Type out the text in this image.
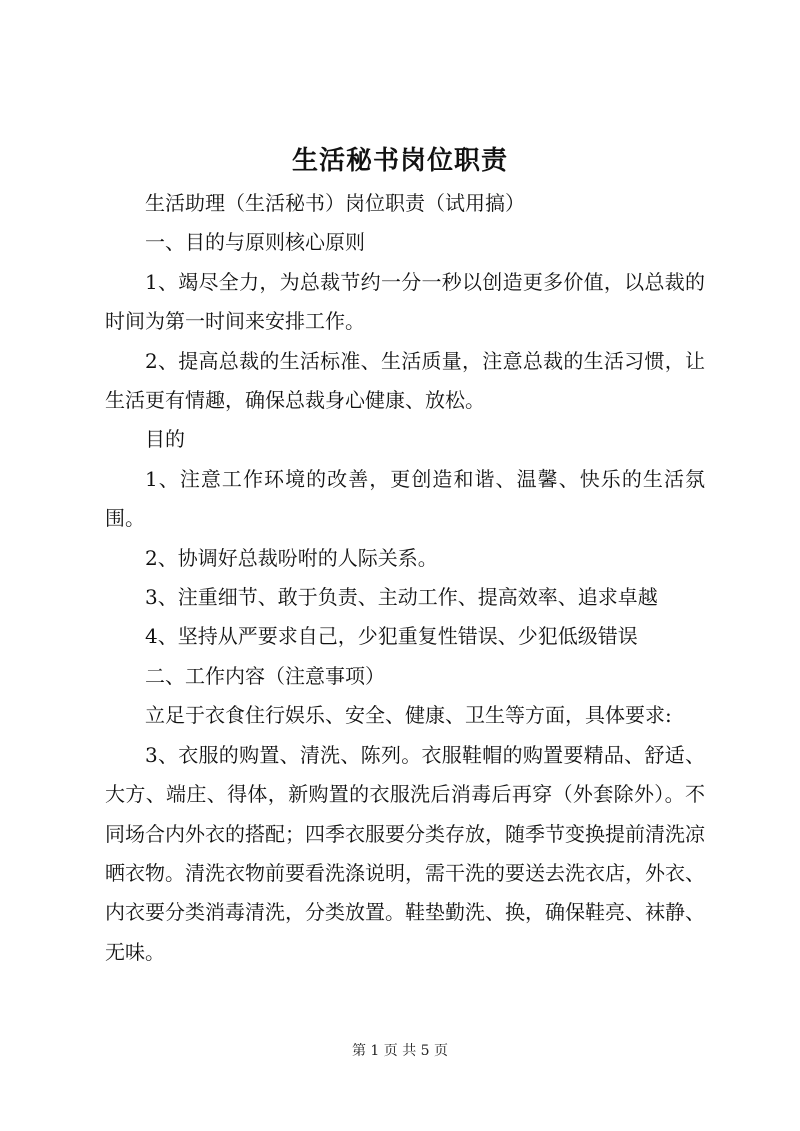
生活秘书岗位职责

生活助理（生活秘书）岗位职责（试用搞）

一、目的与原则核心原则

1、竭尽全力，为总裁节约一分一秒以创造更多价值，以总裁的时间为第一时间来安排工作。

2、提高总裁的生活标准、生活质量，注意总裁的生活习惯，让生活更有情趣，确保总裁身心健康、放松。

目的

1、注意工作环境的改善，更创造和谐、温馨、快乐的生活氛围。

2、协调好总裁吩咐的人际关系。

3、注重细节、敢于负责、主动工作、提高效率、追求卓越

4、坚持从严要求自己，少犯重复性错误、少犯低级错误

二、工作内容（注意事项）

立足于衣食住行娱乐、安全、健康、卫生等方面，具体要求:

3、衣服的购置、清洗、陈列。衣服鞋帽的购置要精品、舒适、大方、端庄、得体，新购置的衣服洗后消毒后再穿（外套除外）。不同场合内外衣的搭配；四季衣服要分类存放，随季节变换提前清洗凉晒衣物。清洗衣物前要看洗涤说明，需干洗的要送去洗衣店，外衣、内衣要分类消毒清洗，分类放置。鞋垫勤洗、换，确保鞋亮、袜静、无味。

第 1 页 共 5 页
